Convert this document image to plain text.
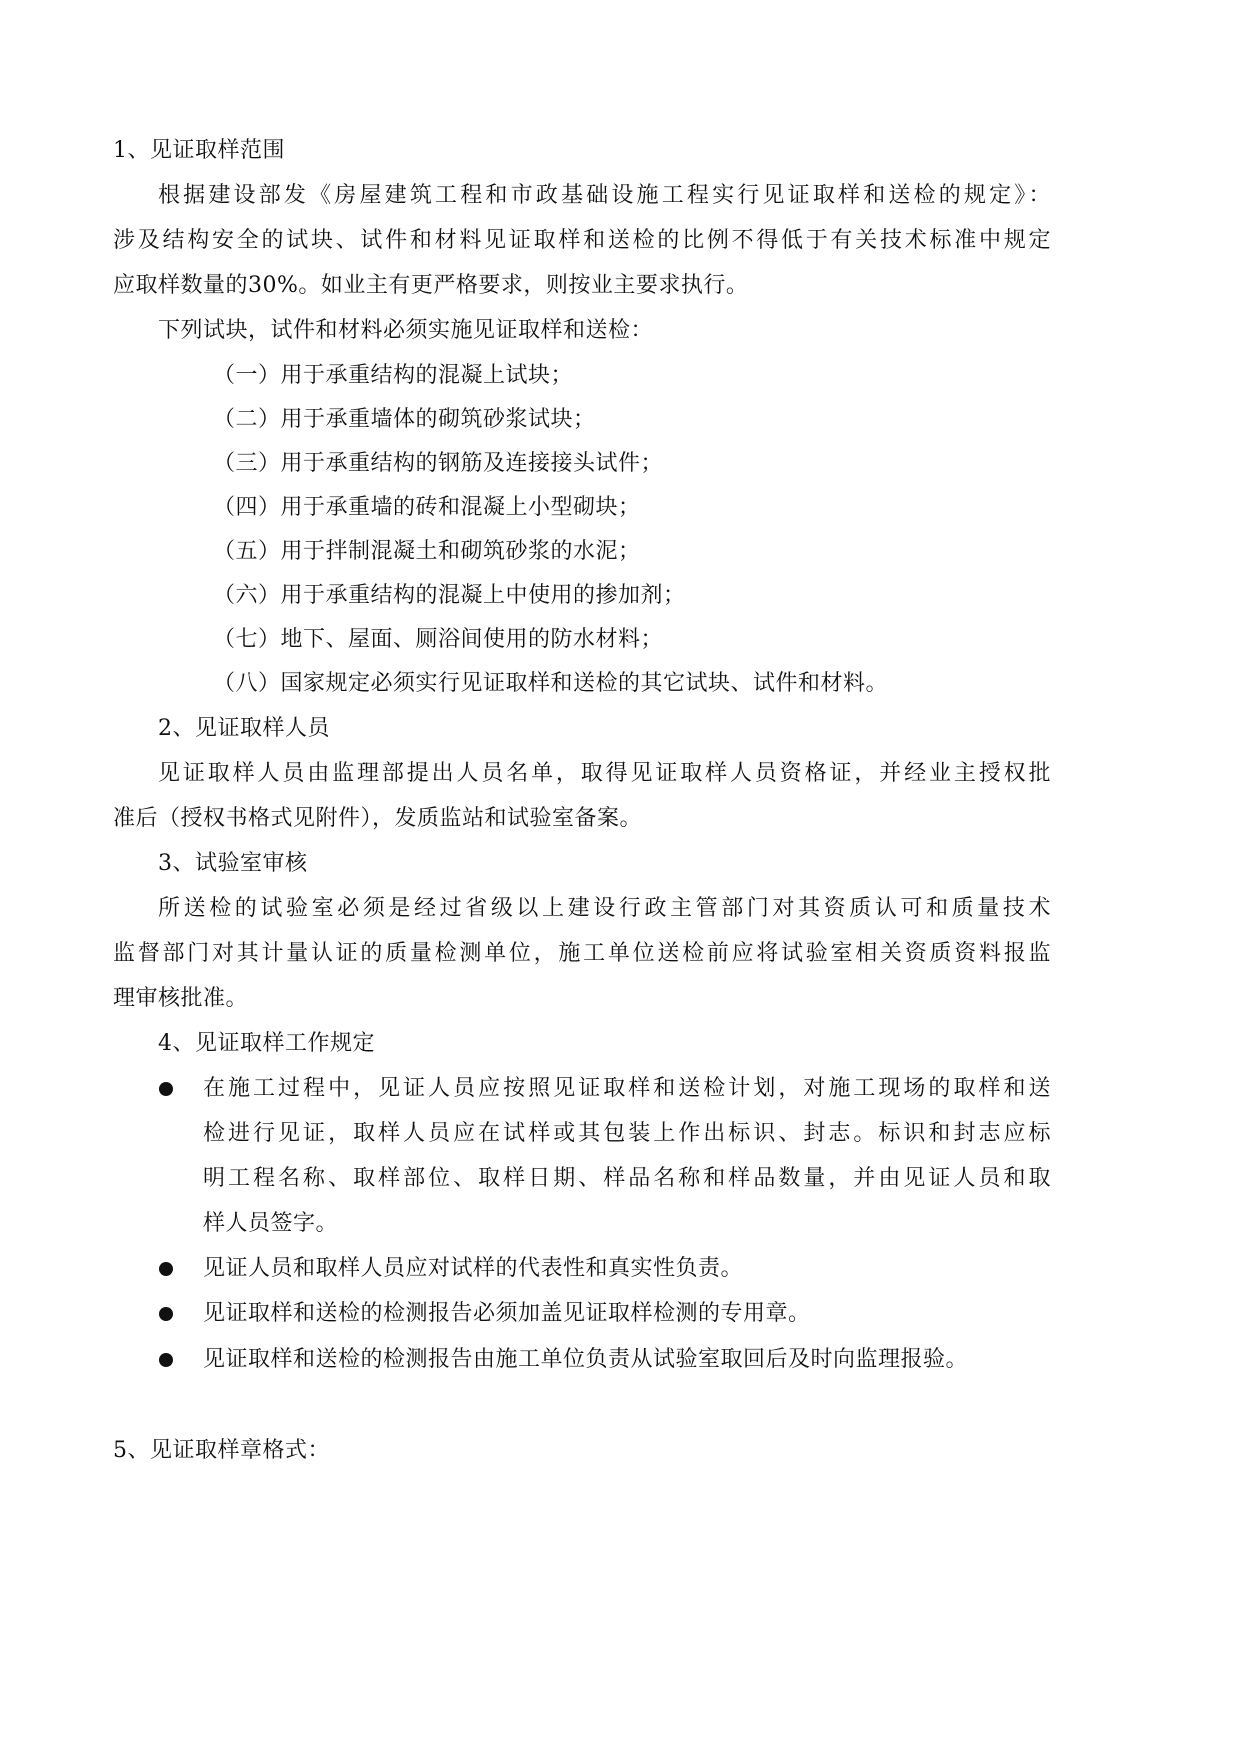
1、见证取样范围
根据建设部发《房屋建筑工程和市政基础设施工程实行见证取样和送检的规定》：
涉及结构安全的试块、试件和材料见证取样和送检的比例不得低于有关技术标准中规定
应取样数量的30%。如业主有更严格要求，则按业主要求执行。
下列试块，试件和材料必须实施见证取样和送检：
（一）用于承重结构的混凝上试块；
（二）用于承重墙体的砌筑砂浆试块；
（三）用于承重结构的钢筋及连接接头试件；
（四）用于承重墙的砖和混凝上小型砌块；
（五）用于拌制混凝土和砌筑砂浆的水泥；
（六）用于承重结构的混凝上中使用的掺加剂；
（七）地下、屋面、厕浴间使用的防水材料；
（八）国家规定必须实行见证取样和送检的其它试块、试件和材料。
2、见证取样人员
见证取样人员由监理部提出人员名单，取得见证取样人员资格证，并经业主授权批
准后（授权书格式见附件），发质监站和试验室备案。
3、试验室审核
所送检的试验室必须是经过省级以上建设行政主管部门对其资质认可和质量技术
监督部门对其计量认证的质量检测单位，施工单位送检前应将试验室相关资质资料报监
理审核批准。
4、见证取样工作规定
在施工过程中，见证人员应按照见证取样和送检计划，对施工现场的取样和送
检进行见证，取样人员应在试样或其包装上作出标识、封志。标识和封志应标
明工程名称、取样部位、取样日期、样品名称和样品数量，并由见证人员和取
样人员签字。
见证人员和取样人员应对试样的代表性和真实性负责。
见证取样和送检的检测报告必须加盖见证取样检测的专用章。
见证取样和送检的检测报告由施工单位负责从试验室取回后及时向监理报验。
5、见证取样章格式：
